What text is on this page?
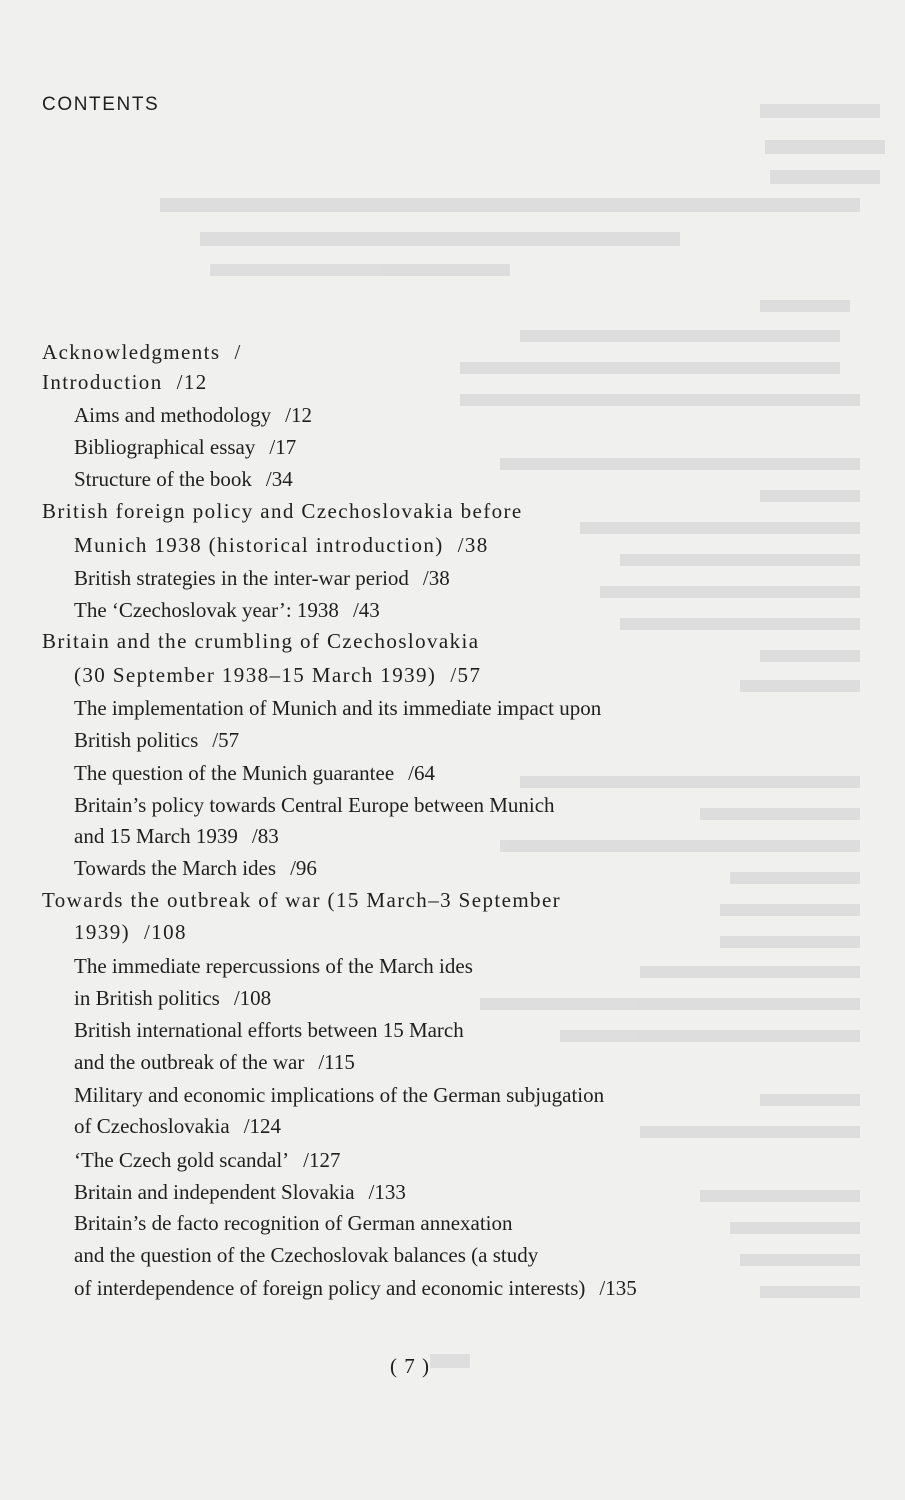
CONTENTS
Acknowledgments /
Introduction /12
Aims and methodology /12
Bibliographical essay /17
Structure of the book /34
British foreign policy and Czechoslovakia before
Munich 1938 (historical introduction) /38
British strategies in the inter-war period /38
The ‘Czechoslovak year’: 1938 /43
Britain and the crumbling of Czechoslovakia
(30 September 1938–15 March 1939) /57
The implementation of Munich and its immediate impact upon
British politics /57
The question of the Munich guarantee /64
Britain’s policy towards Central Europe between Munich
and 15 March 1939 /83
Towards the March ides /96
Towards the outbreak of war (15 March–3 September
1939) /108
The immediate repercussions of the March ides
in British politics /108
British international efforts between 15 March
and the outbreak of the war /115
Military and economic implications of the German subjugation
of Czechoslovakia /124
‘The Czech gold scandal’ /127
Britain and independent Slovakia /133
Britain’s de facto recognition of German annexation
and the question of the Czechoslovak balances (a study
of interdependence of foreign policy and economic interests) /135
( 7 )
